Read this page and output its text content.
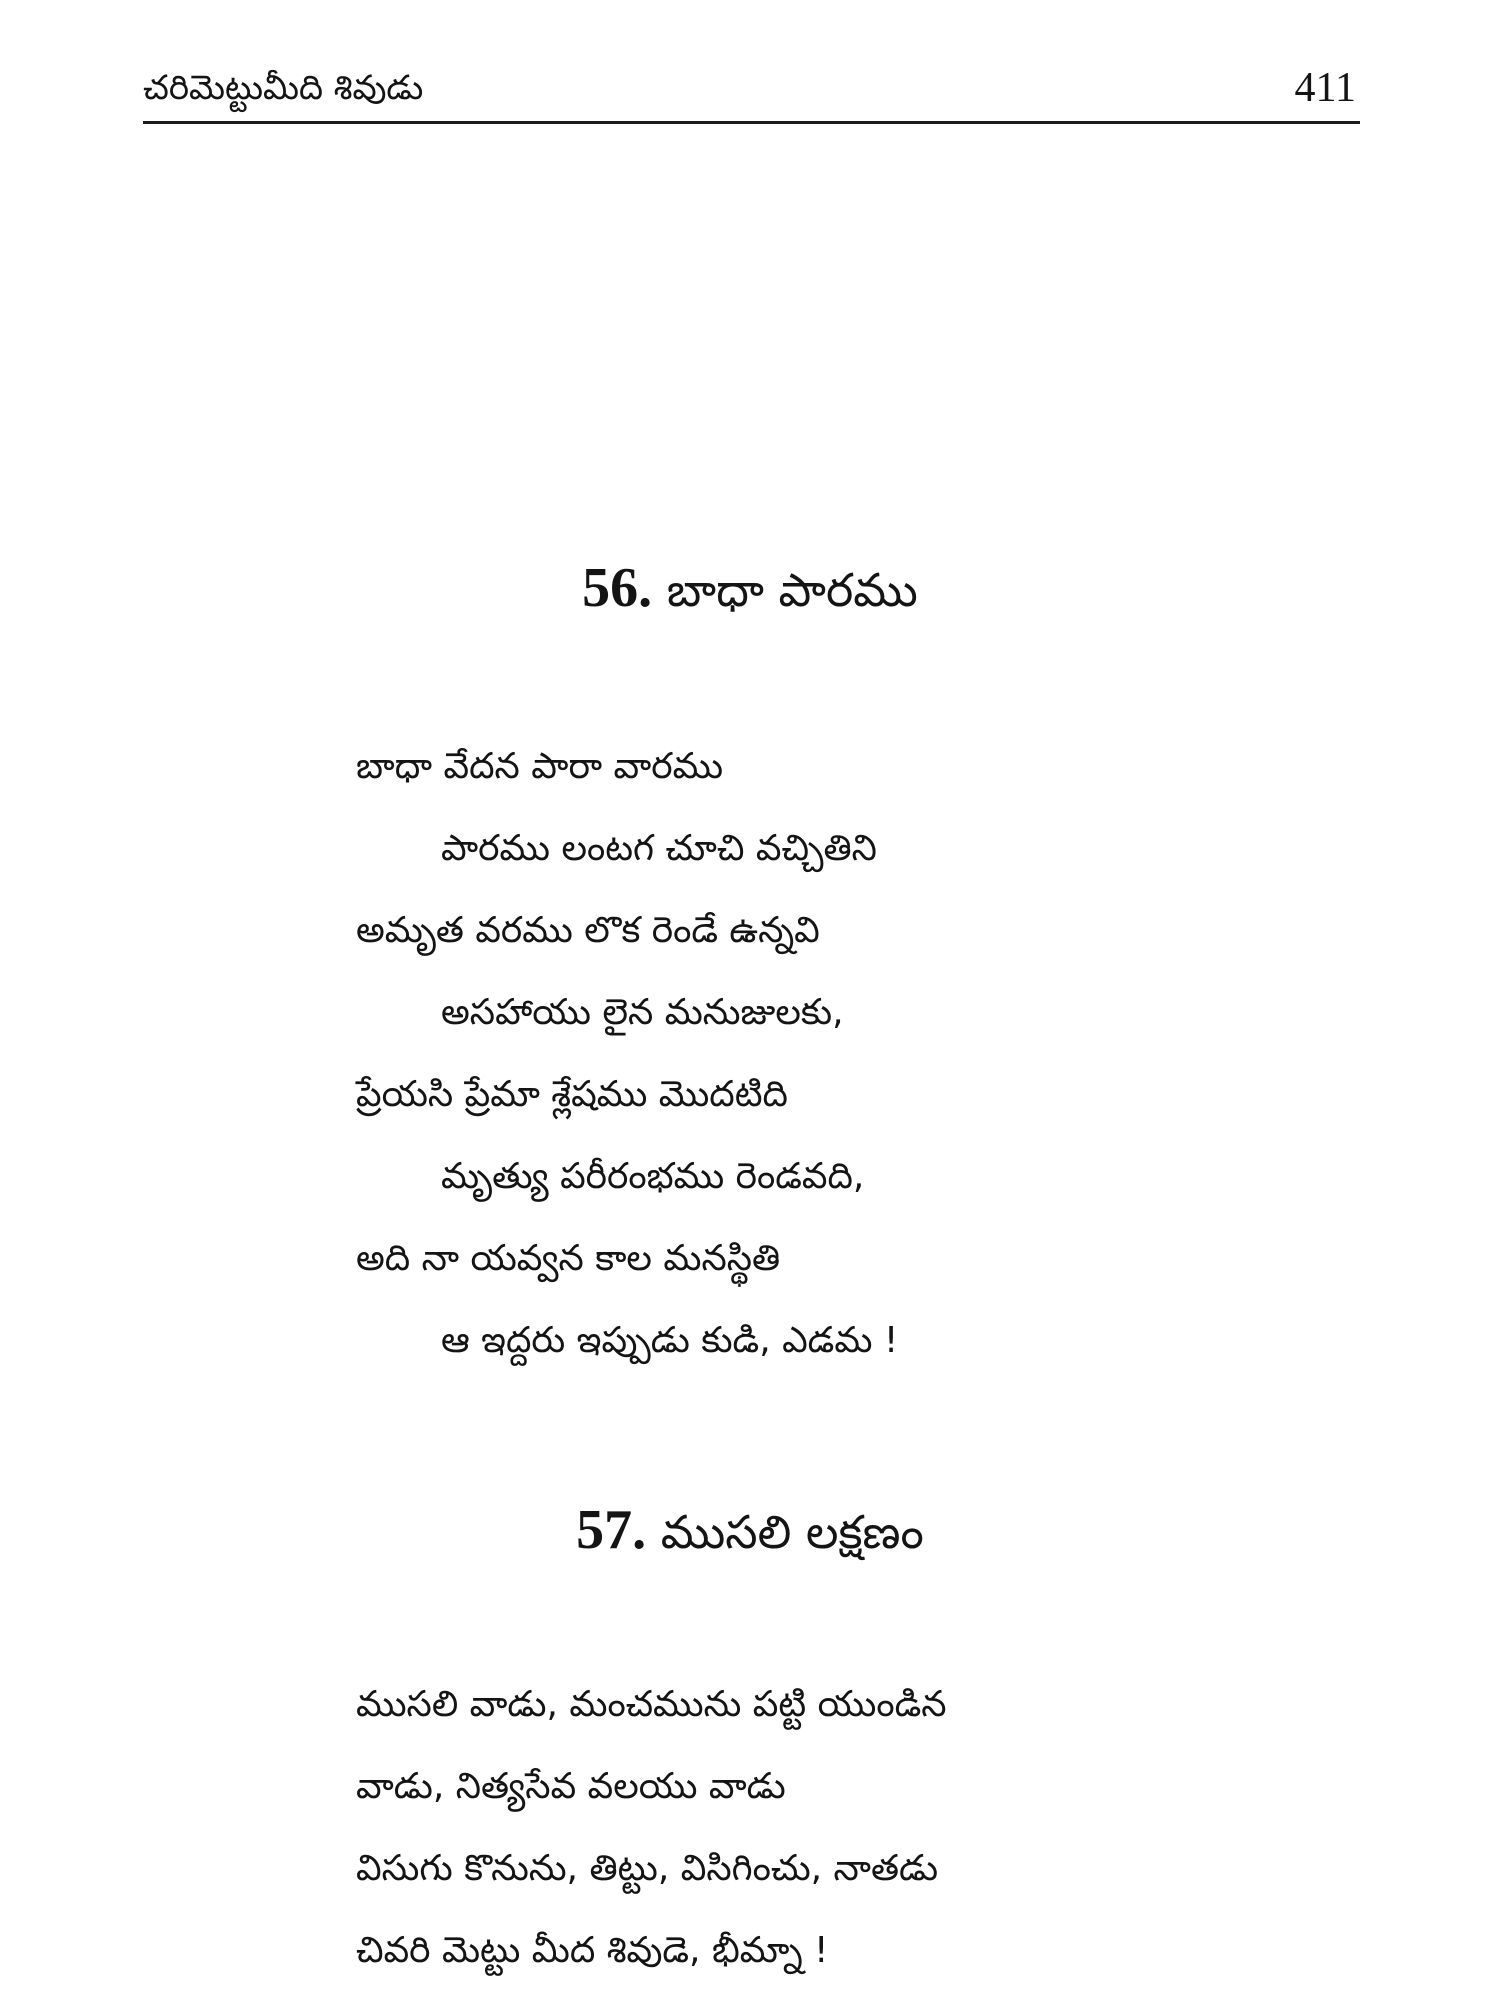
చరిమెట్టుమీది శివుడు	411
56. బాధా పారము
బాధా వేదన పారా వారము
పారము లంటగ చూచి వచ్చితిని
అమృత వరము లొక రెండే ఉన్నవి
అసహాయు లైన మనుజులకు,
ప్రేయసి ప్రేమా శ్లేషము మొదటిది
మృత్యు పరీరంభము రెండవది,
అది నా యవ్వన కాల మనస్థితి
ఆ ఇద్దరు ఇప్పుడు కుడి, ఎడమ !
57. ముసలి లక్షణం
ముసలి వాడు, మంచమును పట్టి యుండిన
వాడు, నిత్యసేవ వలయు వాడు
విసుగు కొనును, తిట్టు, విసిగించు, నాతడు
చివరి మెట్టు మీద శివుడె, భీమ్నా !
